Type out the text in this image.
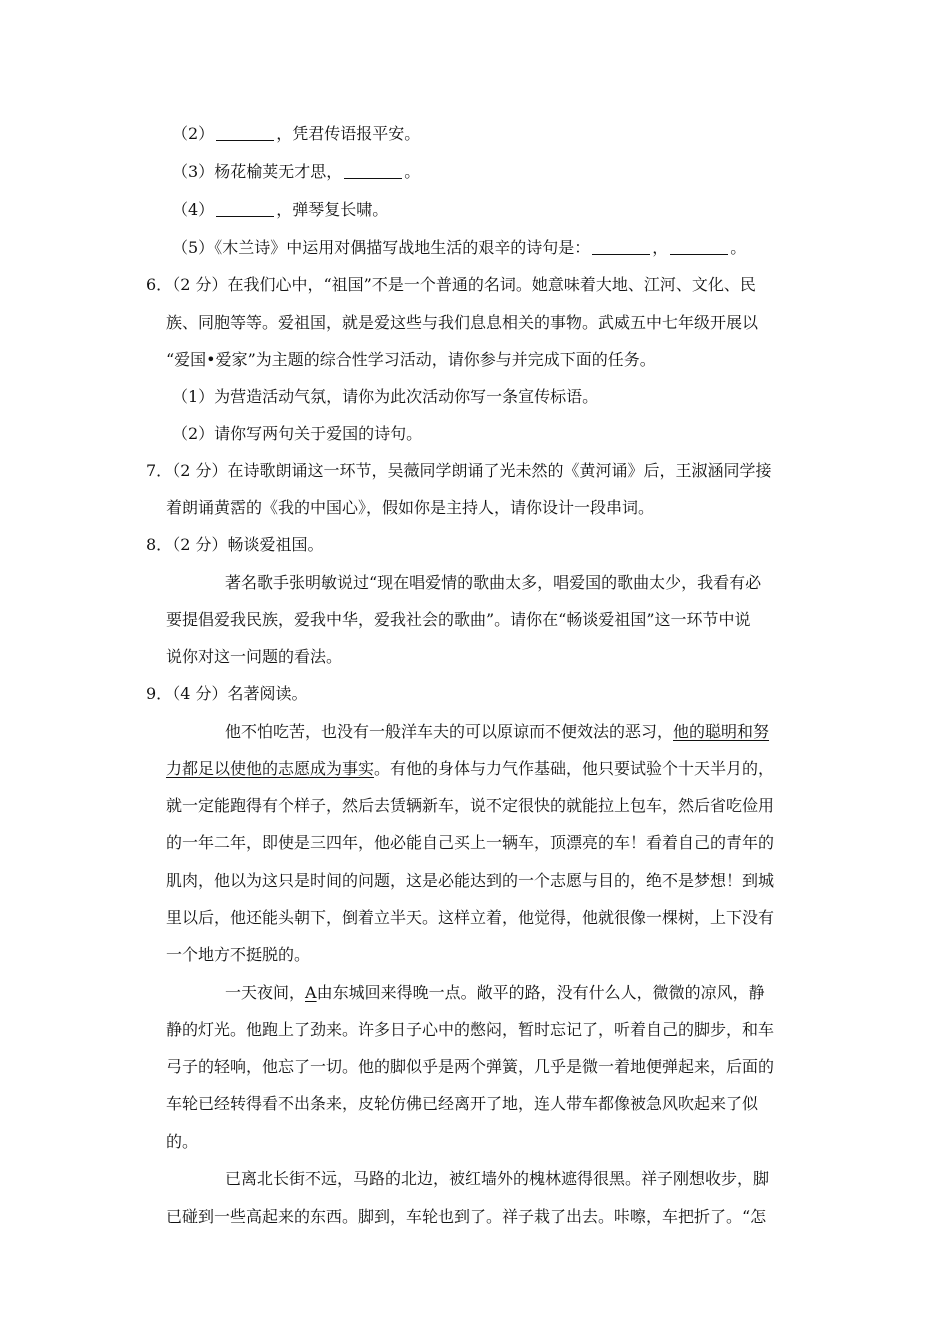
（2）	，凭君传语报平安。
（3）杨花榆荚无才思，	。
（4）	，弹琴复长啸。
（5）《木兰诗》中运用对偶描写战地生活的艰辛的诗句是：	，	。
6．（2 分）在我们心中，“祖国”不是一个普通的名词。她意味着大地、江河、文化、民
族、同胞等等。爱祖国，就是爱这些与我们息息相关的事物。武威五中七年级开展以
“爱国•爱家”为主题的综合性学习活动，请你参与并完成下面的任务。
（1）为营造活动气氛，请你为此次活动你写一条宣传标语。
（2）请你写两句关于爱国的诗句。
7．（2 分）在诗歌朗诵这一环节，吴薇同学朗诵了光未然的《黄河诵》后，王淑涵同学接
着朗诵黄霑的《我的中国心》，假如你是主持人，请你设计一段串词。
8．（2 分）畅谈爱祖国。
著名歌手张明敏说过“现在唱爱情的歌曲太多，唱爱国的歌曲太少，我看有必
要提倡爱我民族，爱我中华，爱我社会的歌曲”。请你在“畅谈爱祖国”这一环节中说
说你对这一问题的看法。
9．（4 分）名著阅读。
他不怕吃苦，也没有一般洋车夫的可以原谅而不便效法的恶习，他的聪明和努
力都足以使他的志愿成为事实。有他的身体与力气作基础，他只要试验个十天半月的，
就一定能跑得有个样子，然后去赁辆新车，说不定很快的就能拉上包车，然后省吃俭用
的一年二年，即使是三四年，他必能自己买上一辆车，顶漂亮的车！看着自己的青年的
肌肉，他以为这只是时间的问题，这是必能达到的一个志愿与目的，绝不是梦想！到城
里以后，他还能头朝下，倒着立半天。这样立着，他觉得，他就很像一棵树，上下没有
一个地方不挺脱的。
一天夜间，A由东城回来得晚一点。敞平的路，没有什么人，微微的凉风，静
静的灯光。他跑上了劲来。许多日子心中的憋闷，暂时忘记了，听着自己的脚步，和车
弓子的轻响，他忘了一切。他的脚似乎是两个弹簧，几乎是微一着地便弹起来，后面的
车轮已经转得看不出条来，皮轮仿佛已经离开了地，连人带车都像被急风吹起来了似
的。
已离北长街不远，马路的北边，被红墙外的槐林遮得很黑。祥子刚想收步，脚
已碰到一些高起来的东西。脚到，车轮也到了。祥子栽了出去。咔嚓，车把折了。“怎
